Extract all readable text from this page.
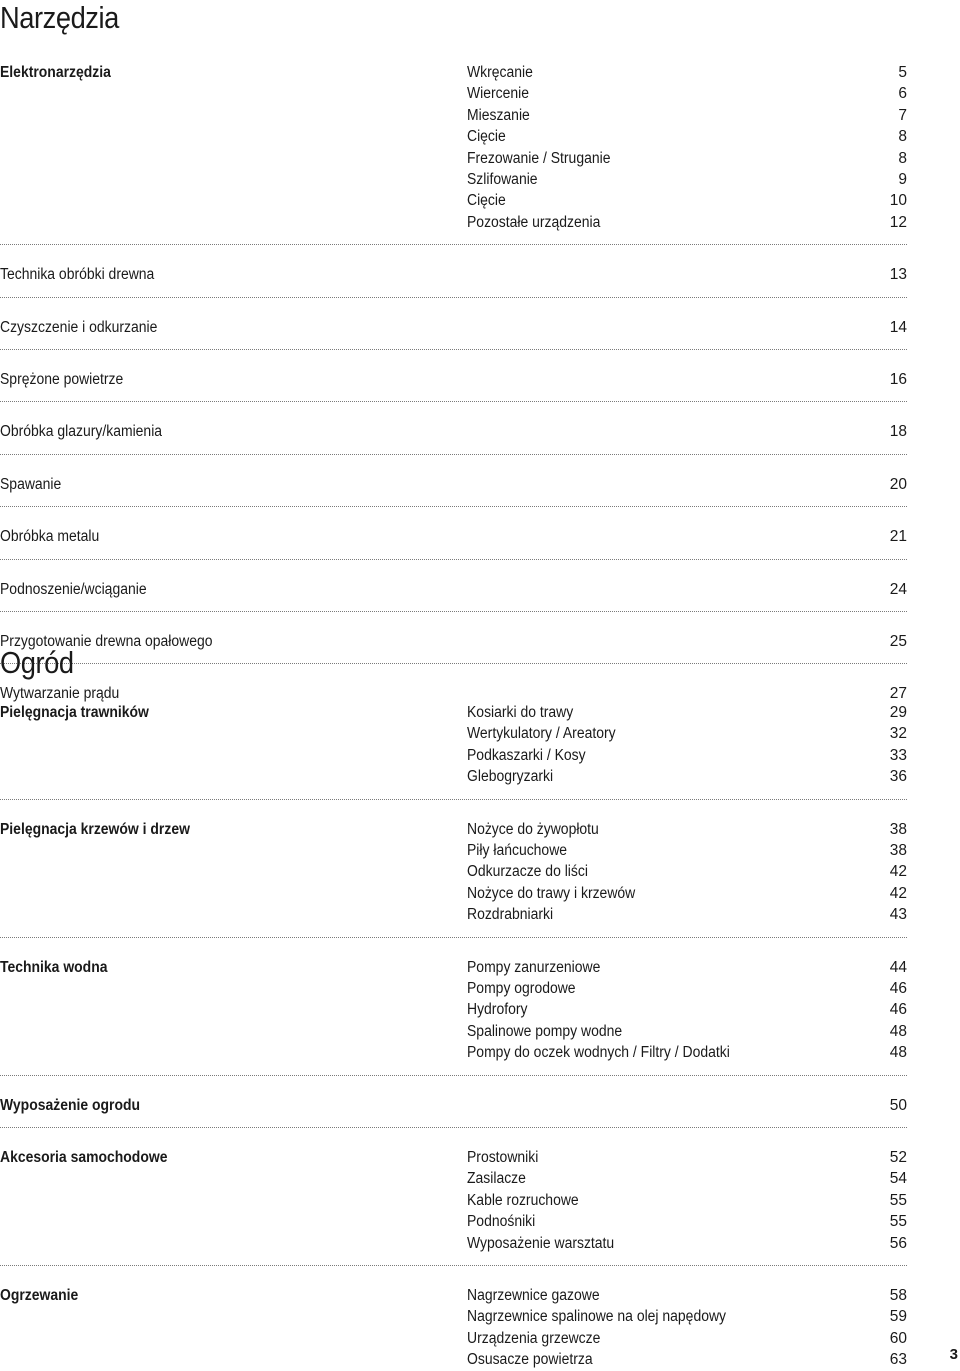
Narzędzia
Elektronarzędzia	Wkręcanie	5
Wiercenie	6
Mieszanie	7
Cięcie	8
Frezowanie / Struganie	8
Szlifowanie	9
Cięcie	10
Pozostałe urządzenia	12
Technika obróbki drewna	13
Czyszczenie i odkurzanie	14
Sprężone powietrze	16
Obróbka glazury/kamienia	18
Spawanie	20
Obróbka metalu	21
Podnoszenie/wciąganie	24
Przygotowanie drewna opałowego	25
Wytwarzanie prądu	27
Ogród
Pielęgnacja trawników	Kosiarki do trawy	29
Wertykulatory / Areatory	32
Podkaszarki / Kosy	33
Glebogryzarki	36
Pielęgnacja krzewów i drzew	Nożyce do żywopłotu	38
Piły łańcuchowe	38
Odkurzacze do liści	42
Nożyce do trawy i krzewów	42
Rozdrabniarki	43
Technika wodna	Pompy zanurzeniowe	44
Pompy ogrodowe	46
Hydrofory	46
Spalinowe pompy wodne	48
Pompy do oczek wodnych / Filtry / Dodatki	48
Wyposażenie ogrodu	50
Akcesoria samochodowe	Prostowniki	52
Zasilacze	54
Kable rozruchowe	55
Podnośniki	55
Wyposażenie warsztatu	56
Ogrzewanie	Nagrzewnice gazowe	58
Nagrzewnice spalinowe na olej napędowy	59
Urządzenia grzewcze	60
Osusacze powietrza	63	3
